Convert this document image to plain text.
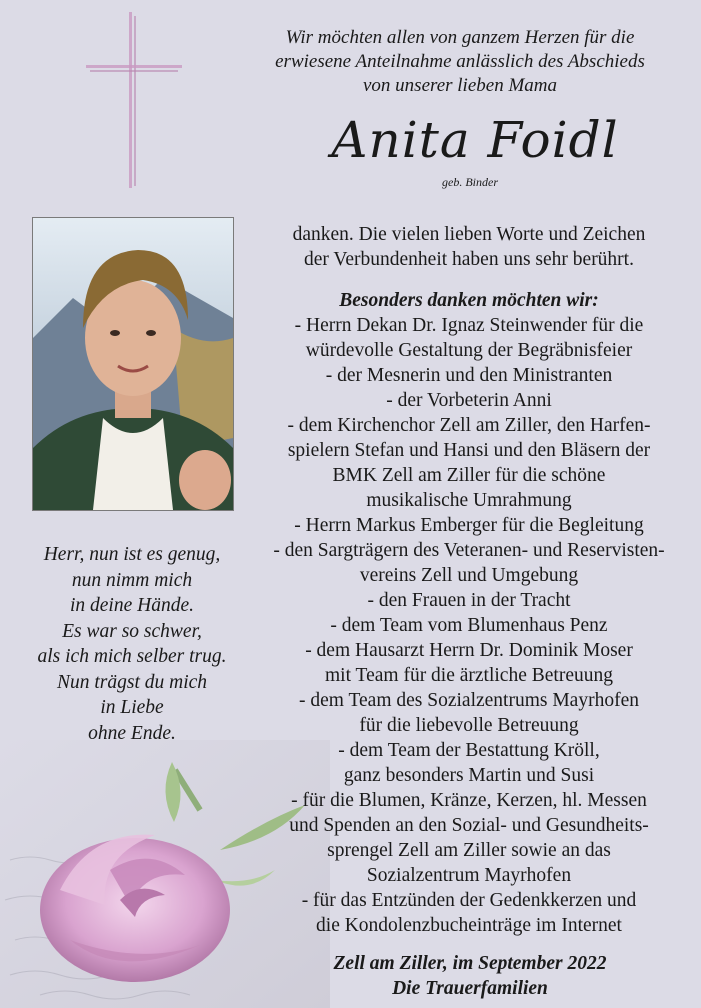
Wir möchten allen von ganzem Herzen für die
erwiesene Anteilnahme anlässlich des Abschieds
von unserer lieben Mama
Anita Foidl
geb. Binder
danken. Die vielen lieben Worte und Zeichen
der Verbundenheit haben uns sehr berührt.
Besonders danken möchten wir:
- Herrn Dekan Dr. Ignaz Steinwender für die
würdevolle Gestaltung der Begräbnisfeier
- der Mesnerin und den Ministranten
- der Vorbeterin Anni
- dem Kirchenchor Zell am Ziller, den Harfen-
spielern Stefan und Hansi und den Bläsern der
BMK Zell am Ziller für die schöne
musikalische Umrahmung
- Herrn Markus Emberger für die Begleitung
- den Sargträgern des Veteranen- und Reservisten-
vereins Zell und Umgebung
- den Frauen in der Tracht
- dem Team vom Blumenhaus Penz
- dem Hausarzt Herrn Dr. Dominik Moser
mit Team für die ärztliche Betreuung
- dem Team des Sozialzentrums Mayrhofen
für die liebevolle Betreuung
- dem Team der Bestattung Kröll,
ganz besonders Martin und Susi
- für die Blumen, Kränze, Kerzen, hl. Messen
und Spenden an den Sozial- und Gesundheits-
sprengel Zell am Ziller sowie an das
Sozialzentrum Mayrhofen
- für das Entzünden der Gedenkkerzen und
die Kondolenzbucheinträge im Internet
Herr, nun ist es genug,
nun nimm mich
in deine Hände.
Es war so schwer,
als ich mich selber trug.
Nun trägst du mich
in Liebe
ohne Ende.
Zell am Ziller, im September 2022
Die Trauerfamilien
